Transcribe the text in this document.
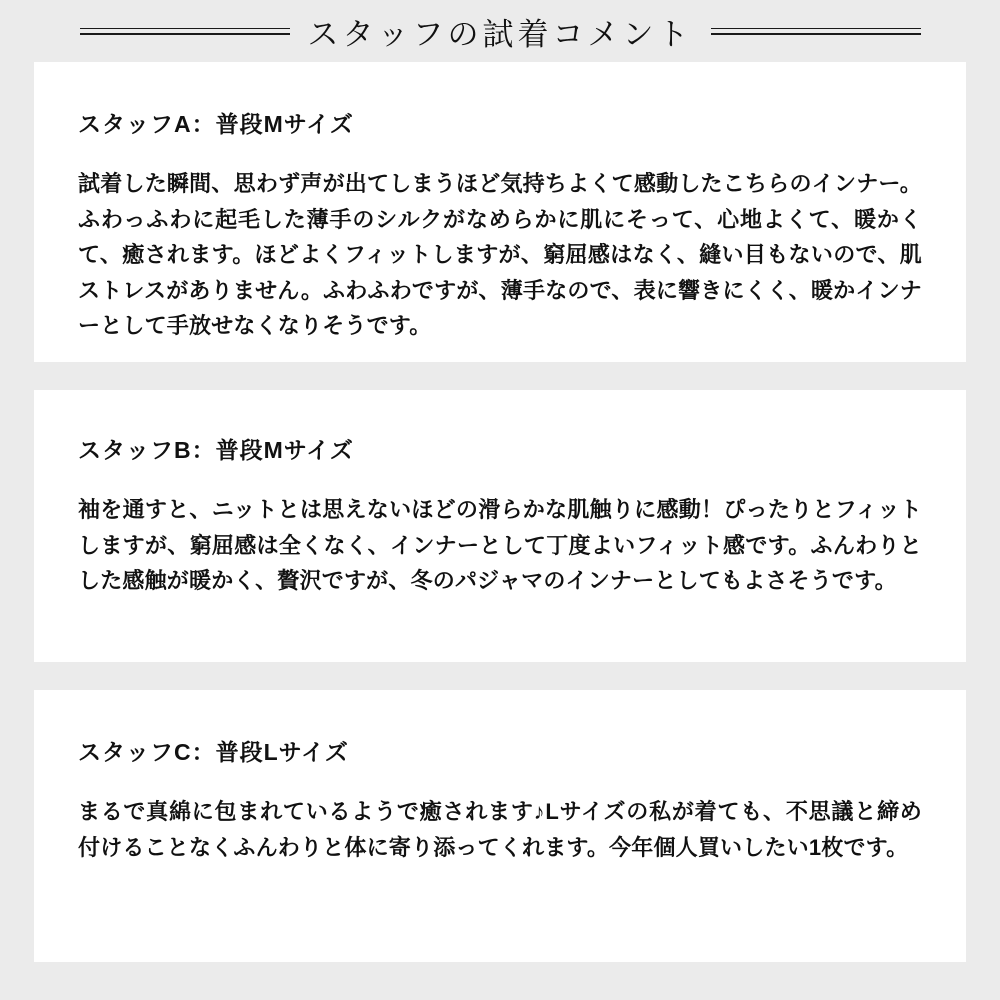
スタッフの試着コメント
スタッフA：普段Mサイズ

試着した瞬間、思わず声が出てしまうほど気持ちよくて感動したこちらのインナー。ふわっふわに起毛した薄手のシルクがなめらかに肌にそって、心地よくて、暖かくて、癒されます。ほどよくフィットしますが、窮屈感はなく、縫い目もないので、肌ストレスがありません。ふわふわですが、薄手なので、表に響きにくく、暖かインナーとして手放せなくなりそうです。

スタッフB：普段Mサイズ

袖を通すと、ニットとは思えないほどの滑らかな肌触りに感動！ぴったりとフィットしますが、窮屈感は全くなく、インナーとして丁度よいフィット感です。ふんわりとした感触が暖かく、贅沢ですが、冬のパジャマのインナーとしてもよさそうです。

スタッフC：普段Lサイズ

まるで真綿に包まれているようで癒されます♪Lサイズの私が着ても、不思議と締め付けることなくふんわりと体に寄り添ってくれます。今年個人買いしたい1枚です。
